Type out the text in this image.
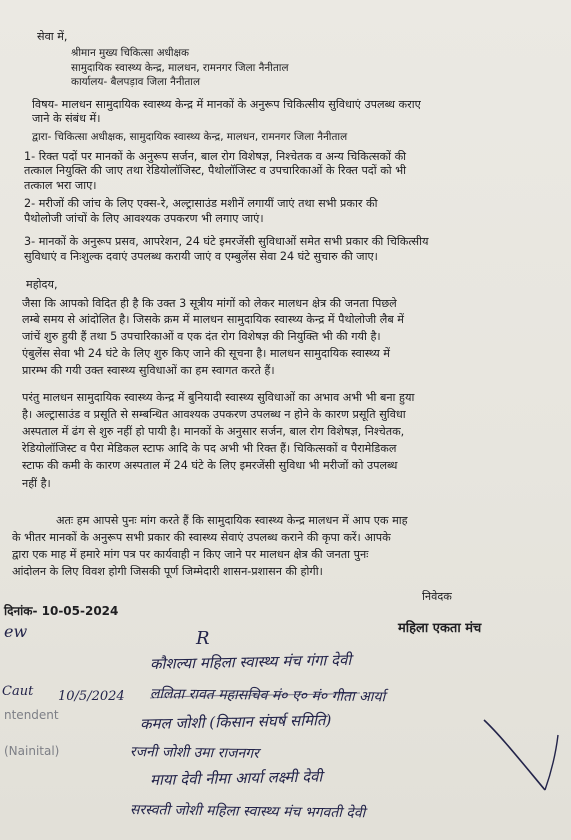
सेवा में,
श्रीमान मुख्य चिकित्सा अधीक्षक
सामुदायिक स्वास्थ्य केन्द्र, मालधन, रामनगर जिला नैनीताल
कार्यालय- बैलपड़ाव जिला नैनीताल
विषय- मालधन सामुदायिक स्वास्थ्य केन्द्र में मानकों के अनुरूप चिकित्सीय सुविधाएं उपलब्ध कराए
जाने के संबंध में।
द्वारा- चिकित्सा अधीक्षक, सामुदायिक स्वास्थ्य केन्द्र, मालधन, रामनगर जिला नैनीताल
1- रिक्त पदों पर मानकों के अनुरूप सर्जन, बाल रोग विशेषज्ञ, निश्चेतक व अन्य चिकित्सकों की
तत्काल नियुक्ति की जाए तथा रेडियोलॉजिस्ट, पैथोलॉजिस्ट व उपचारिकाओं के रिक्त पदों को भी
तत्काल भरा जाए।
2- मरीजों की जांच के लिए एक्स-रे, अल्ट्रासाउंड मशीनें लगायीं जाएं तथा सभी प्रकार की
पैथोलोजी जांचों के लिए आवश्यक उपकरण भी लगाए जाएं।
3- मानकों के अनुरूप प्रसव, आपरेशन, 24 घंटे इमरजेंसी सुविधाओं समेत सभी प्रकार की चिकित्सीय
सुविधाएं व निःशुल्क दवाएं उपलब्ध करायी जाएं व एम्बुलेंस सेवा 24 घंटे सुचारु की जाए।
महोदय,
जैसा कि आपको विदित ही है कि उक्त 3 सूत्रीय मांगों को लेकर मालधन क्षेत्र की जनता पिछले
लम्बे समय से आंदोलित है। जिसके क्रम में मालधन सामुदायिक स्वास्थ्य केन्द्र में पैथोलोजी लैब में
जांचें शुरु हुयी हैं तथा 5 उपचारिकाओं व एक दंत रोग विशेषज्ञ की नियुक्ति भी की गयी है।
एंबुलेंस सेवा भी 24 घंटे के लिए शुरु किए जाने की सूचना है। मालधन सामुदायिक स्वास्थ्य में
प्रारम्भ की गयी उक्त स्वास्थ्य सुविधाओं का हम स्वागत करते हैं।
परंतु मालधन सामुदायिक स्वास्थ्य केन्द्र में बुनियादी स्वास्थ्य सुविधाओं का अभाव अभी भी बना हुया
है। अल्ट्रासाउंड व प्रसूति से सम्बन्धित आवश्यक उपकरण उपलब्ध न होने के कारण प्रसूति सुविधा
अस्पताल में ढंग से शुरु नहीं हो पायी है। मानकों के अनुसार सर्जन, बाल रोग विशेषज्ञ, निश्चेतक,
रेडियोलॉजिस्ट व पैरा मेडिकल स्टाफ आदि के पद अभी भी रिक्त हैं। चिकित्सकों व पैरामेडिकल
स्टाफ की कमी के कारण अस्पताल में 24 घंटे के लिए इमरजेंसी सुविधा भी मरीजों को उपलब्ध
नहीं है।
अतः हम आपसे पुनः मांग करते हैं कि सामुदायिक स्वास्थ्य केन्द्र मालधन में आप एक माह
के भीतर मानकों के अनुरूप सभी प्रकार की स्वास्थ्य सेवाएं उपलब्ध कराने की कृपा करें। आपके
द्वारा एक माह में हमारे मांग पत्र पर कार्यवाही न किए जाने पर मालधन क्षेत्र की जनता पुनः
आंदोलन के लिए विवश होगी जिसकी पूर्ण जिम्मेदारी शासन-प्रशासन की होगी।
निवेदक
दिनांक- 10-05-2024
महिला एकता मंच
ew	R
Caut 10/5/2024
ntendent
(Nainital)
कौशल्या महिला स्वास्थ्य मंच गंगा देवी
ललिता रावत महासचिव मं० ए० मं० गीता आर्या
कमल जोशी (किसान संघर्ष समिति)
रजनी जोशी उमा राजनगर
माया देवी नीमा आर्या लक्ष्मी देवी
सरस्वती जोशी महिला स्वास्थ्य मंच भगवती देवी
